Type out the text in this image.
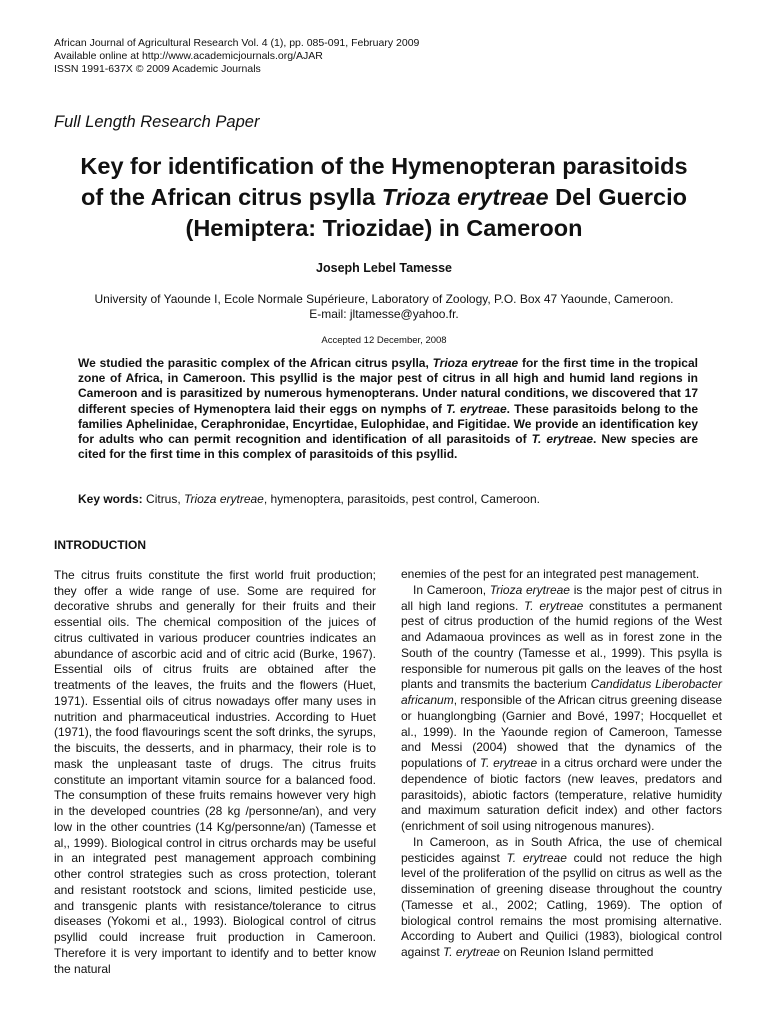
African Journal of Agricultural Research Vol. 4 (1), pp. 085-091, February 2009
Available online at http://www.academicjournals.org/AJAR
ISSN 1991-637X © 2009 Academic Journals
Full Length Research Paper
Key for identification of the Hymenopteran parasitoids
of the African citrus psylla Trioza erytreae Del Guercio
(Hemiptera: Triozidae) in Cameroon
Joseph Lebel Tamesse
University of Yaounde I, Ecole Normale Supérieure, Laboratory of Zoology, P.O. Box 47 Yaounde, Cameroon.
E-mail: jltamesse@yahoo.fr.
Accepted 12 December, 2008
We studied the parasitic complex of the African citrus psylla, Trioza erytreae for the first time in the tropical zone of Africa, in Cameroon. This psyllid is the major pest of citrus in all high and humid land regions in Cameroon and is parasitized by numerous hymenopterans. Under natural conditions, we discovered that 17 different species of Hymenoptera laid their eggs on nymphs of T. erytreae. These parasitoids belong to the families Aphelinidae, Ceraphronidae, Encyrtidae, Eulophidae, and Figitidae. We provide an identification key for adults who can permit recognition and identification of all parasitoids of T. erytreae. New species are cited for the first time in this complex of parasitoids of this psyllid.
Key words: Citrus, Trioza erytreae, hymenoptera, parasitoids, pest control, Cameroon.
INTRODUCTION

The citrus fruits constitute the first world fruit production; they offer a wide range of use. Some are required for decorative shrubs and generally for their fruits and their essential oils. The chemical composition of the juices of citrus cultivated in various producer countries indicates an abundance of ascorbic acid and of citric acid (Burke, 1967). Essential oils of citrus fruits are obtained after the treatments of the leaves, the fruits and the flowers (Huet, 1971). Essential oils of citrus nowadays offer many uses in nutrition and pharmaceutical industries. According to Huet (1971), the food flavourings scent the soft drinks, the syrups, the biscuits, the desserts, and in pharmacy, their role is to mask the unpleasant taste of drugs. The citrus fruits constitute an important vitamin source for a balanced food. The consumption of these fruits remains however very high in the developed countries (28 kg /personne/an), and very low in the other countries (14 Kg/personne/an) (Tamesse et al,, 1999). Biological control in citrus orchards may be useful in an integrated pest management approach combining other control strategies such as cross protection, tolerant and resistant rootstock and scions, limited pesticide use, and transgenic plants with resistance/tolerance to citrus diseases (Yokomi et al., 1993). Biological control of citrus psyllid could increase fruit production in Cameroon. Therefore it is very important to identify and to better know the natural

enemies of the pest for an integrated pest management.

In Cameroon, Trioza erytreae is the major pest of citrus in all high land regions. T. erytreae constitutes a permanent pest of citrus production of the humid regions of the West and Adamaoua provinces as well as in forest zone in the South of the country (Tamesse et al., 1999). This psylla is responsible for numerous pit galls on the leaves of the host plants and transmits the bacterium Candidatus Liberobacter africanum, responsible of the African citrus greening disease or huanglongbing (Garnier and Bové, 1997; Hocquellet et al., 1999). In the Yaounde region of Cameroon, Tamesse and Messi (2004) showed that the dynamics of the populations of T. erytreae in a citrus orchard were under the dependence of biotic factors (new leaves, predators and parasitoids), abiotic factors (temperature, relative humidity and maximum saturation deficit index) and other factors (enrichment of soil using nitrogenous manures).

In Cameroon, as in South Africa, the use of chemical pesticides against T. erytreae could not reduce the high level of the proliferation of the psyllid on citrus as well as the dissemination of greening disease throughout the country (Tamesse et al., 2002; Catling, 1969). The option of biological control remains the most promising alternative. According to Aubert and Quilici (1983), biological control against T. erytreae on Reunion Island permitted
